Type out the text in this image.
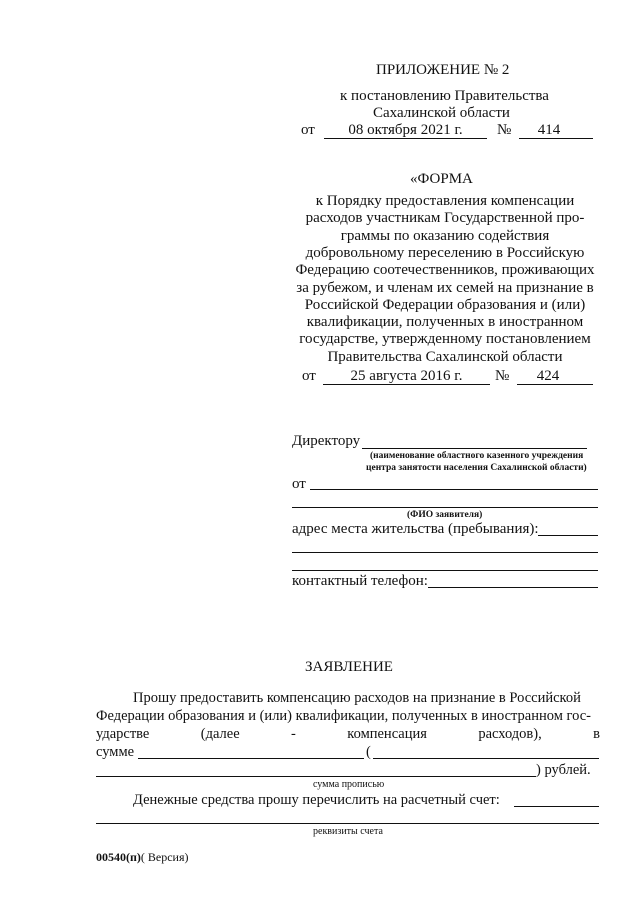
ПРИЛОЖЕНИЕ № 2
к постановлению Правительства
Сахалинской области
от	08 октября 2021 г.	№	414
«ФОРМА
к Порядку предоставления компенсации
расходов участникам Государственной про-
граммы по оказанию содействия
добровольному переселению в Российскую
Федерацию соотечественников, проживающих
за рубежом, и членам их семей на признание в
Российской Федерации образования и (или)
квалификации, полученных в иностранном
государстве, утвержденному постановлением
Правительства Сахалинской области
от	25 августа 2016 г.	№	424
Директору
(наименование областного казенного учреждения
центра занятости населения Сахалинской области)
от
(ФИО заявителя)
адрес места жительства (пребывания):
контактный телефон:
ЗАЯВЛЕНИЕ
Прошу предоставить компенсацию расходов на признание в Российской
Федерации образования и (или) квалификации, полученных в иностранном гос-
ударстве	(далее	-	компенсация	расходов),	в
сумме	(
) рублей.
сумма прописью
Денежные средства прошу перечислить на расчетный счет:
реквизиты счета
00540(п)( Версия)
